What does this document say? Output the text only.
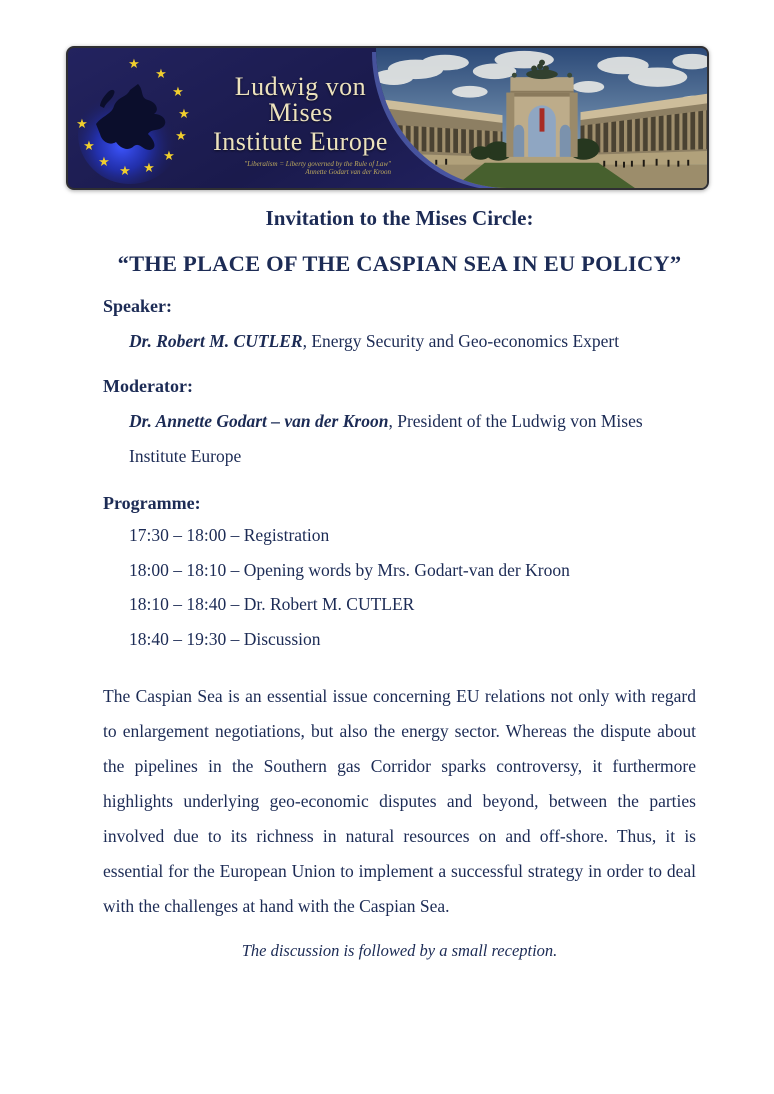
★
★
★
★
★
★
★
★
★
★
★
Ludwig von Mises
Institute Europe
"Liberalism = Liberty governed by the Rule of Law"
Annette Godart van der Kroon
Invitation to the Mises Circle:
“THE PLACE OF THE CASPIAN SEA IN EU POLICY”
Speaker:

Dr. Robert M. CUTLER, Energy Security and Geo-economics Expert

Moderator:

Dr. Annette Godart – van der Kroon, President of the Ludwig von Mises Institute Europe

Programme:
17:30 – 18:00 – Registration
18:00 – 18:10 – Opening words by Mrs. Godart-van der Kroon
18:10 – 18:40 – Dr. Robert M. CUTLER
18:40 – 19:30 – Discussion

The Caspian Sea is an essential issue concerning EU relations not only with regard to enlargement negotiations, but also the energy sector. Whereas the dispute about the pipelines in the Southern gas Corridor sparks controversy, it furthermore highlights underlying geo-economic disputes and beyond, between the parties involved due to its richness in natural resources on and off-shore. Thus, it is essential for the European Union to implement a successful strategy in order to deal with the challenges at hand with the Caspian Sea.

The discussion is followed by a small reception.
